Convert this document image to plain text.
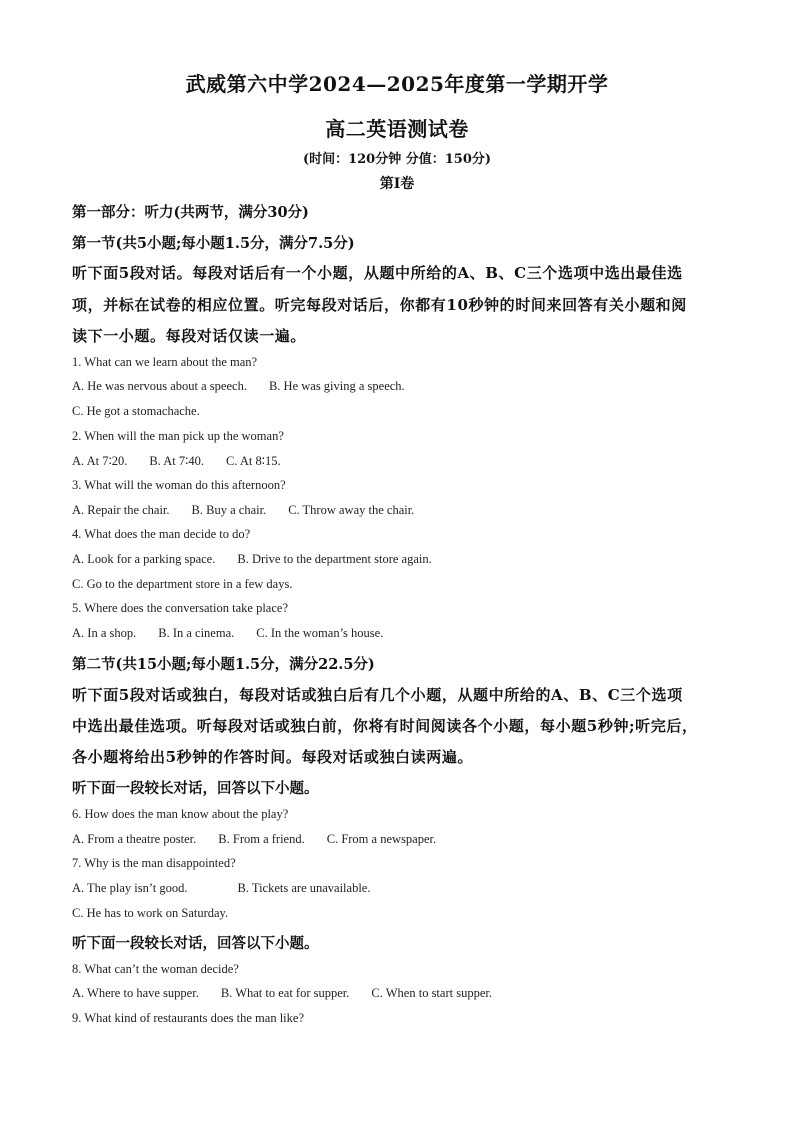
武威第六中学2024—2025年度第一学期开学
高二英语测试卷
(时间：120分钟 分值：150分)
第Ⅰ卷
第一部分：听力(共两节，满分30分)
第一节(共5小题;每小题1.5分，满分7.5分)
听下面5段对话。每段对话后有一个小题，从题中所给的A、B、C三个选项中选出最佳选
项，并标在试卷的相应位置。听完每段对话后，你都有10秒钟的时间来回答有关小题和阅
读下一小题。每段对话仅读一遍。
1. What can we learn about the man?
A. He was nervous about a speech. B. He was giving a speech.
C. He got a stomachache.
2. When will the man pick up the woman?
A. At 7∶20. B. At 7∶40. C. At 8∶15.
3. What will the woman do this afternoon?
A. Repair the chair. B. Buy a chair. C. Throw away the chair.
4. What does the man decide to do?
A. Look for a parking space. B. Drive to the department store again.
C. Go to the department store in a few days.
5. Where does the conversation take place?
A. In a shop. B. In a cinema. C. In the woman’s house.
第二节(共15小题;每小题1.5分，满分22.5分)
听下面5段对话或独白，每段对话或独白后有几个小题，从题中所给的A、B、C三个选项
中选出最佳选项。听每段对话或独白前，你将有时间阅读各个小题，每小题5秒钟;听完后，
各小题将给出5秒钟的作答时间。每段对话或独白读两遍。
听下面一段较长对话，回答以下小题。
6. How does the man know about the play?
A. From a theatre poster. B. From a friend. C. From a newspaper.
7. Why is the man disappointed?
A. The play isn’t good.	B. Tickets are unavailable.
C. He has to work on Saturday.
听下面一段较长对话，回答以下小题。
8. What can’t the woman decide?
A. Where to have supper. B. What to eat for supper. C. When to start supper.
9. What kind of restaurants does the man like?
